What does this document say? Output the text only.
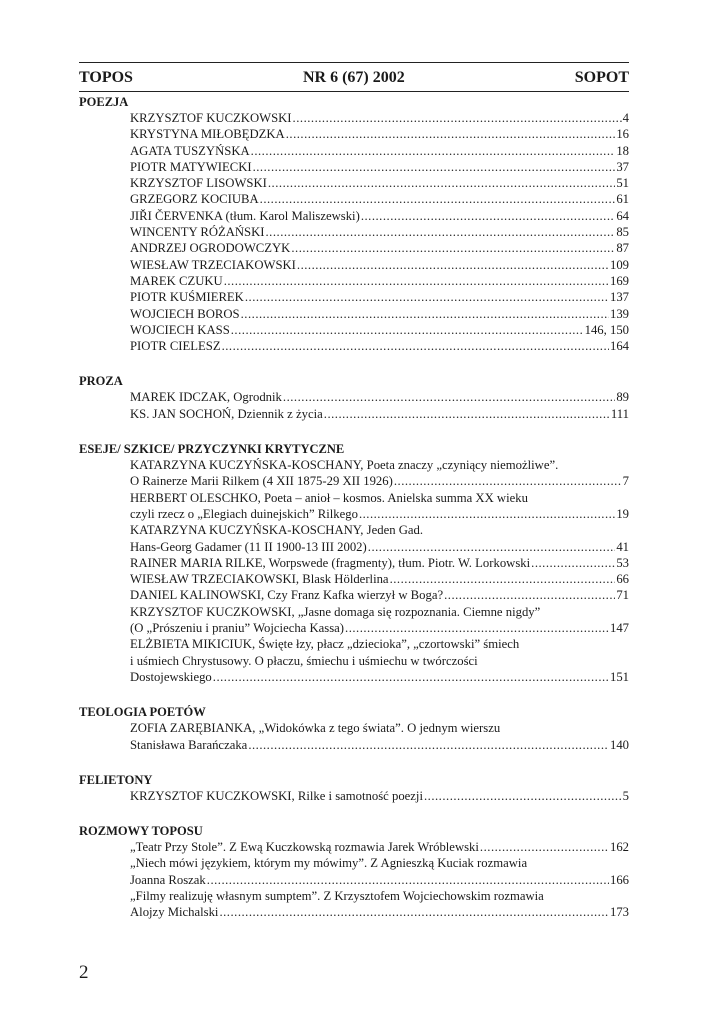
TOPOS	NR 6 (67) 2002	SOPOT
POEZJA
KRZYSZTOF KUCZKOWSKI .....	4
KRYSTYNA MIŁOBĘDZKA .....	16
AGATA TUSZYŃSKA .....	18
PIOTR MATYWIECKI .....	37
KRZYSZTOF LISOWSKI .....	51
GRZEGORZ KOCIUBA .....	61
JIŘI ČERVENKA (tłum. Karol Maliszewski) .....	64
WINCENTY RÓŻAŃSKI .....	85
ANDRZEJ OGRODOWCZYK .....	87
WIESŁAW TRZECIAKOWSKI .....	109
MAREK CZUKU .....	169
PIOTR KUŚMIEREK .....	137
WOJCIECH BOROS .....	139
WOJCIECH KASS .....	146, 150
PIOTR CIELESZ .....	164
PROZA
MAREK IDCZAK, Ogrodnik .....	89
KS. JAN SOCHOŃ, Dziennik z życia .....	111
ESEJE/ SZKICE/ PRZYCZYNKI KRYTYCZNE
KATARZYNA KUCZYŃSKA-KOSCHANY, Poeta znaczy „czyniący niemożliwe”.
O Rainerze Marii Rilkem (4 XII 1875-29 XII 1926) .....	7
HERBERT OLESCHKO, Poeta – anioł – kosmos. Anielska summa XX wieku
czyli rzecz o „Elegiach duinejskich” Rilkego .....	19
KATARZYNA KUCZYŃSKA-KOSCHANY, Jeden Gad.
Hans-Georg Gadamer (11 II 1900-13 III 2002) .....	41
RAINER MARIA RILKE, Worpswede (fragmenty), tłum. Piotr. W. Lorkowski .....	53
WIESŁAW TRZECIAKOWSKI, Blask Hölderlina .....	66
DANIEL KALINOWSKI, Czy Franz Kafka wierzył w Boga? .....	71
KRZYSZTOF KUCZKOWSKI, „Jasne domaga się rozpoznania. Ciemne nigdy”
(O „Prószeniu i praniu” Wojciecha Kassa) .....	147
ELŻBIETA MIKICIUK, Święte łzy, płacz „dziecioka”, „czortowski” śmiech
i uśmiech Chrystusowy. O płaczu, śmiechu i uśmiechu w twórczości
Dostojewskiego .....	151
TEOLOGIA POETÓW
ZOFIA ZARĘBIANKA, „Widokówka z tego świata”. O jednym wierszu
Stanisława Barańczaka .....	140
FELIETONY
KRZYSZTOF KUCZKOWSKI, Rilke i samotność poezji .....	5
ROZMOWY TOPOSU
„Teatr Przy Stole”. Z Ewą Kuczkowską rozmawia Jarek Wróblewski .....	162
„Niech mówi językiem, którym my mówimy”. Z Agnieszką Kuciak rozmawia
Joanna Roszak .....	166
„Filmy realizuję własnym sumptem”. Z Krzysztofem Wojciechowskim rozmawia
Alojzy Michalski .....	173
2
